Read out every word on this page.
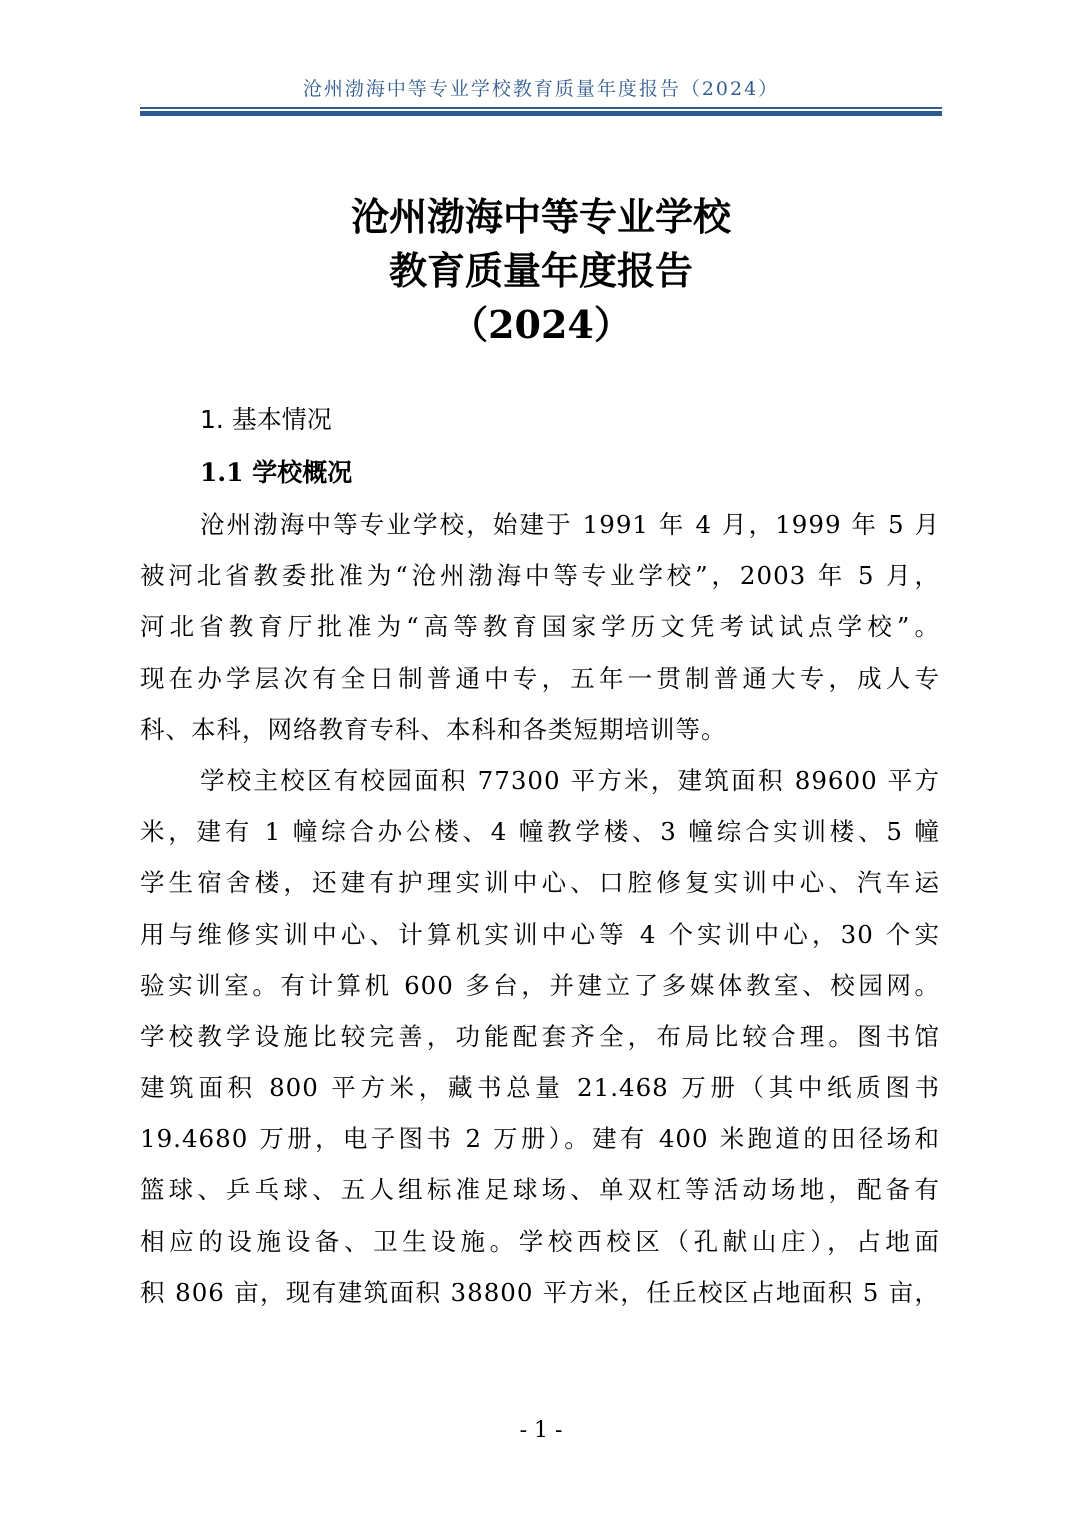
沧州渤海中等专业学校教育质量年度报告（2024）
沧州渤海中等专业学校
教育质量年度报告
（2024）
1. 基本情况
1.1 学校概况
沧州渤海中等专业学校，始建于 1991 年 4 月，1999 年 5 月
被河北省教委批准为“沧州渤海中等专业学校”，2003 年 5 月，
河北省教育厅批准为“高等教育国家学历文凭考试试点学校”。
现在办学层次有全日制普通中专，五年一贯制普通大专，成人专
科、本科，网络教育专科、本科和各类短期培训等。
学校主校区有校园面积 77300 平方米，建筑面积 89600 平方
米，建有 1 幢综合办公楼、4 幢教学楼、3 幢综合实训楼、5 幢
学生宿舍楼，还建有护理实训中心、口腔修复实训中心、汽车运
用与维修实训中心、计算机实训中心等 4 个实训中心，30 个实
验实训室。有计算机 600 多台，并建立了多媒体教室、校园网。
学校教学设施比较完善，功能配套齐全，布局比较合理。图书馆
建筑面积 800 平方米，藏书总量 21.468 万册（其中纸质图书
19.4680 万册，电子图书 2 万册）。建有 400 米跑道的田径场和
篮球、乒乓球、五人组标准足球场、单双杠等活动场地，配备有
相应的设施设备、卫生设施。学校西校区（孔献山庄），占地面
积 806 亩，现有建筑面积 38800 平方米，任丘校区占地面积 5 亩，
- 1 -
